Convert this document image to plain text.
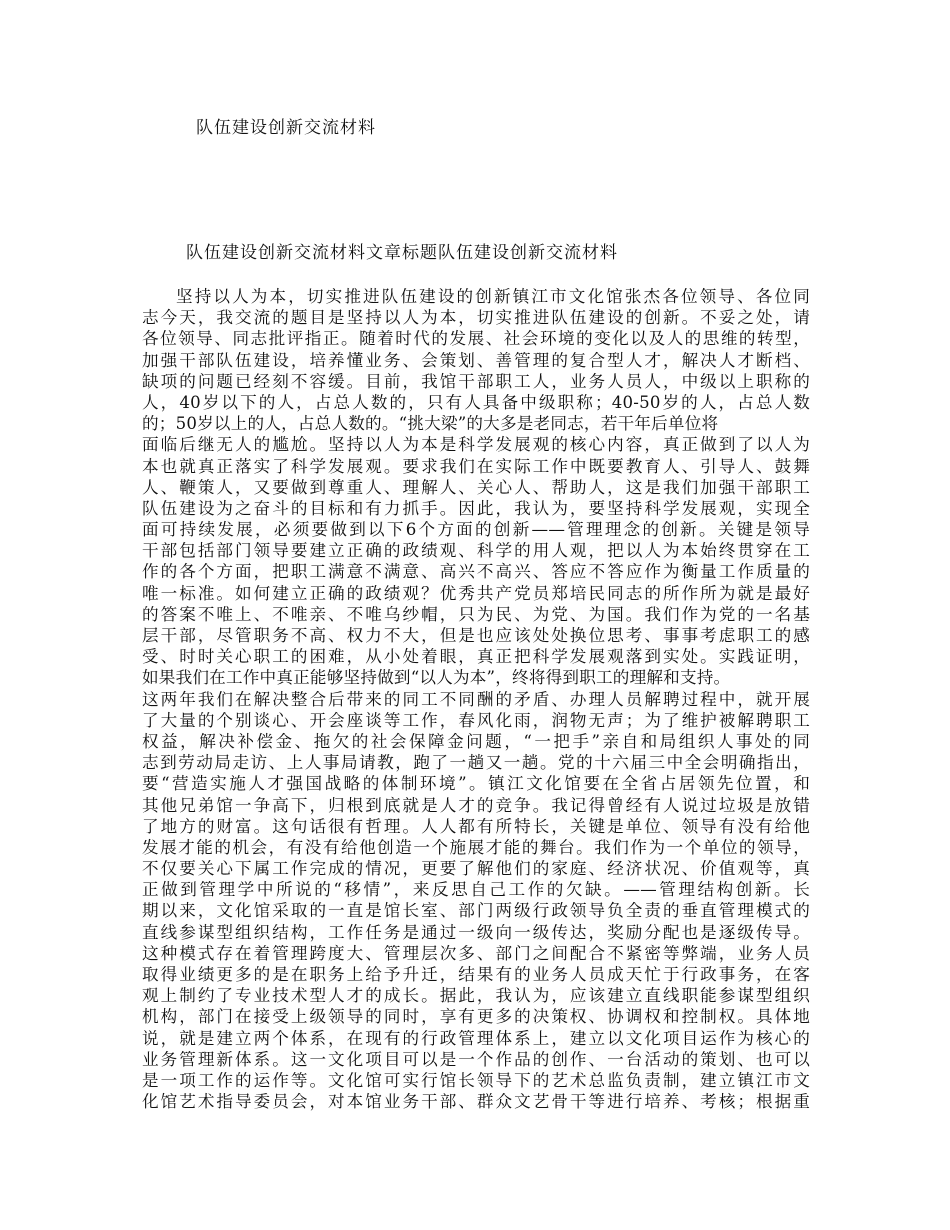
队伍建设创新交流材料
队伍建设创新交流材料文章标题队伍建设创新交流材料
坚持以人为本，切实推进队伍建设的创新镇江市文化馆张杰各位领导、各位同
志今天，我交流的题目是坚持以人为本，切实推进队伍建设的创新。不妥之处，请
各位领导、同志批评指正。随着时代的发展、社会环境的变化以及人的思维的转型，
加强干部队伍建设，培养懂业务、会策划、善管理的复合型人才，解决人才断档、
缺项的问题已经刻不容缓。目前，我馆干部职工人，业务人员人，中级以上职称的
人，40岁以下的人，占总人数的，只有人具备中级职称；40-50岁的人，占总人数
的；50岁以上的人，占总人数的。“挑大梁”的大多是老同志，若干年后单位将
面临后继无人的尴尬。坚持以人为本是科学发展观的核心内容，真正做到了以人为
本也就真正落实了科学发展观。要求我们在实际工作中既要教育人、引导人、鼓舞
人、鞭策人，又要做到尊重人、理解人、关心人、帮助人，这是我们加强干部职工
队伍建设为之奋斗的目标和有力抓手。因此，我认为，要坚持科学发展观，实现全
面可持续发展，必须要做到以下6个方面的创新——管理理念的创新。关键是领导
干部包括部门领导要建立正确的政绩观、科学的用人观，把以人为本始终贯穿在工
作的各个方面，把职工满意不满意、高兴不高兴、答应不答应作为衡量工作质量的
唯一标准。如何建立正确的政绩观？优秀共产党员郑培民同志的所作所为就是最好
的答案不唯上、不唯亲、不唯乌纱帽，只为民、为党、为国。我们作为党的一名基
层干部，尽管职务不高、权力不大，但是也应该处处换位思考、事事考虑职工的感
受、时时关心职工的困难，从小处着眼，真正把科学发展观落到实处。实践证明，
如果我们在工作中真正能够坚持做到“以人为本”，终将得到职工的理解和支持。
这两年我们在解决整合后带来的同工不同酬的矛盾、办理人员解聘过程中，就开展
了大量的个别谈心、开会座谈等工作，春风化雨，润物无声；为了维护被解聘职工
权益，解决补偿金、拖欠的社会保障金问题，“一把手”亲自和局组织人事处的同
志到劳动局走访、上人事局请教，跑了一趟又一趟。党的十六届三中全会明确指出，
要“营造实施人才强国战略的体制环境”。镇江文化馆要在全省占居领先位置，和
其他兄弟馆一争高下，归根到底就是人才的竞争。我记得曾经有人说过垃圾是放错
了地方的财富。这句话很有哲理。人人都有所特长，关键是单位、领导有没有给他
发展才能的机会，有没有给他创造一个施展才能的舞台。我们作为一个单位的领导，
不仅要关心下属工作完成的情况，更要了解他们的家庭、经济状况、价值观等，真
正做到管理学中所说的“移情”，来反思自己工作的欠缺。——管理结构创新。长
期以来，文化馆采取的一直是馆长室、部门两级行政领导负全责的垂直管理模式的
直线参谋型组织结构，工作任务是通过一级向一级传达，奖励分配也是逐级传导。
这种模式存在着管理跨度大、管理层次多、部门之间配合不紧密等弊端，业务人员
取得业绩更多的是在职务上给予升迁，结果有的业务人员成天忙于行政事务，在客
观上制约了专业技术型人才的成长。据此，我认为，应该建立直线职能参谋型组织
机构，部门在接受上级领导的同时，享有更多的决策权、协调权和控制权。具体地
说，就是建立两个体系，在现有的行政管理体系上，建立以文化项目运作为核心的
业务管理新体系。这一文化项目可以是一个作品的创作、一台活动的策划、也可以
是一项工作的运作等。文化馆可实行馆长领导下的艺术总监负责制，建立镇江市文
化馆艺术指导委员会，对本馆业务干部、群众文艺骨干等进行培养、考核；根据重
